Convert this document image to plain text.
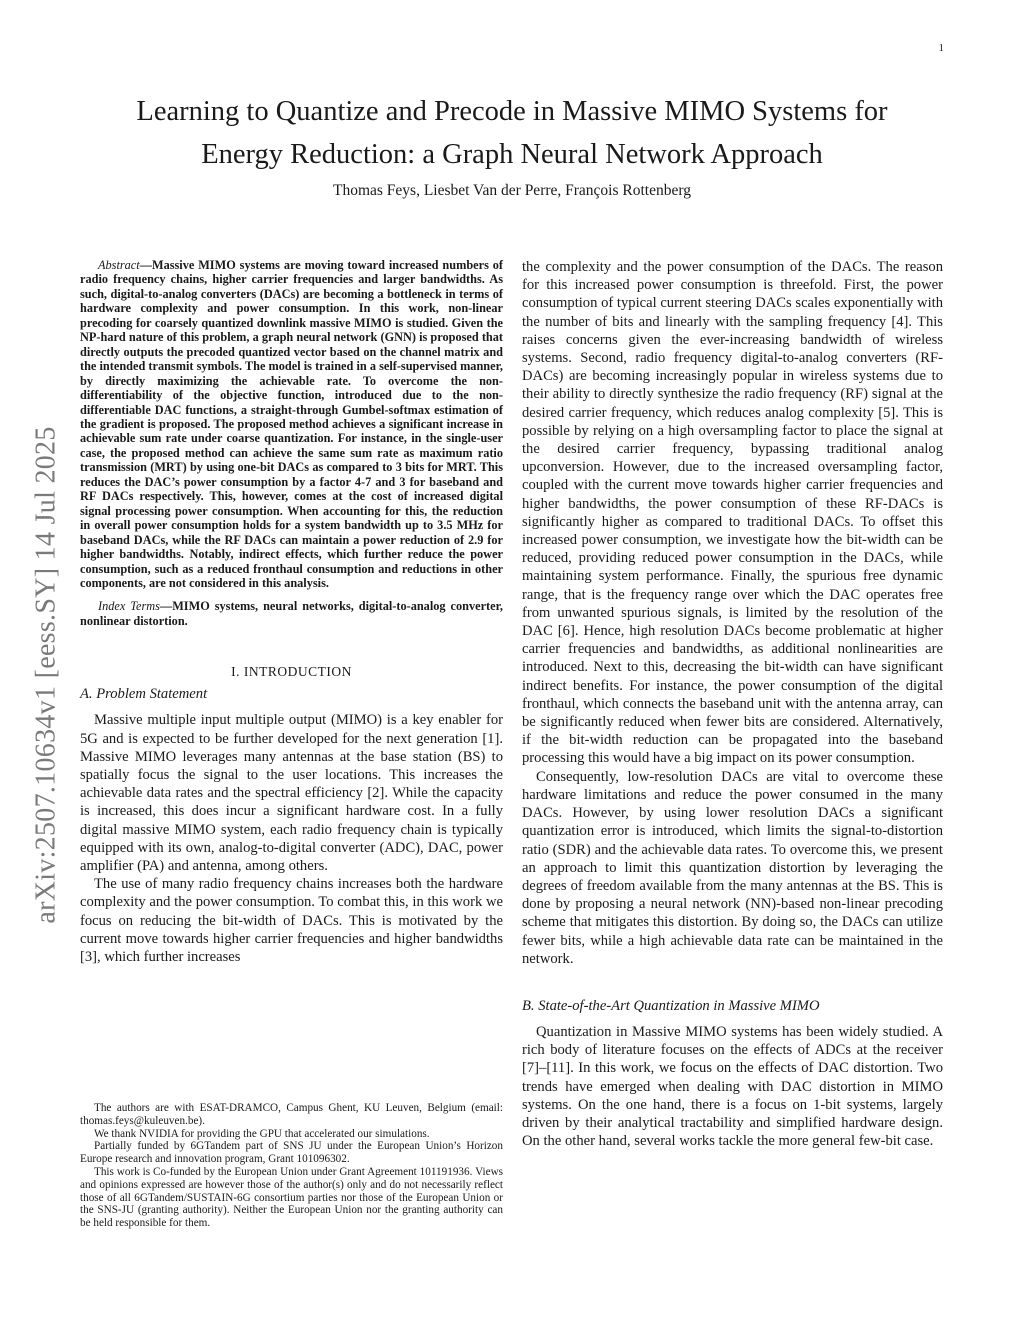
1
arXiv:2507.10634v1 [eess.SY] 14 Jul 2025
Learning to Quantize and Precode in Massive MIMO Systems for
Energy Reduction: a Graph Neural Network Approach
Thomas Feys, Liesbet Van der Perre, François Rottenberg

Abstract—Massive MIMO systems are moving toward increased numbers of radio frequency chains, higher carrier frequencies and larger bandwidths. As such, digital-to-analog converters (DACs) are becoming a bottleneck in terms of hardware complexity and power consumption. In this work, non-linear precoding for coarsely quantized downlink massive MIMO is studied. Given the NP-hard nature of this problem, a graph neural network (GNN) is proposed that directly outputs the precoded quantized vector based on the channel matrix and the intended transmit symbols. The model is trained in a self-supervised manner, by directly maximizing the achievable rate. To overcome the non-differentiability of the objective function, introduced due to the non-differentiable DAC functions, a straight-through Gumbel-softmax estimation of the gradient is proposed. The proposed method achieves a significant increase in achievable sum rate under coarse quantization. For instance, in the single-user case, the proposed method can achieve the same sum rate as maximum ratio transmission (MRT) by using one-bit DACs as compared to 3 bits for MRT. This reduces the DAC’s power consumption by a factor 4-7 and 3 for baseband and RF DACs respectively. This, however, comes at the cost of increased digital signal processing power consumption. When accounting for this, the reduction in overall power consumption holds for a system bandwidth up to 3.5 MHz for baseband DACs, while the RF DACs can maintain a power reduction of 2.9 for higher bandwidths. Notably, indirect effects, which further reduce the power consumption, such as a reduced fronthaul consumption and reductions in other components, are not considered in this analysis.

Index Terms—MIMO systems, neural networks, digital-to-analog converter, nonlinear distortion.

I. INTRODUCTION
A. Problem Statement

Massive multiple input multiple output (MIMO) is a key enabler for 5G and is expected to be further developed for the next generation [1]. Massive MIMO leverages many antennas at the base station (BS) to spatially focus the signal to the user locations. This increases the achievable data rates and the spectral efficiency [2]. While the capacity is increased, this does incur a significant hardware cost. In a fully digital massive MIMO system, each radio frequency chain is typically equipped with its own, analog-to-digital converter (ADC), DAC, power amplifier (PA) and antenna, among others.

The use of many radio frequency chains increases both the hardware complexity and the power consumption. To combat this, in this work we focus on reducing the bit-width of DACs. This is motivated by the current move towards higher carrier frequencies and higher bandwidths [3], which further increases

the complexity and the power consumption of the DACs. The reason for this increased power consumption is threefold. First, the power consumption of typical current steering DACs scales exponentially with the number of bits and linearly with the sampling frequency [4]. This raises concerns given the ever-increasing bandwidth of wireless systems. Second, radio frequency digital-to-analog converters (RF-DACs) are becoming increasingly popular in wireless systems due to their ability to directly synthesize the radio frequency (RF) signal at the desired carrier frequency, which reduces analog complexity [5]. This is possible by relying on a high oversampling factor to place the signal at the desired carrier frequency, bypassing traditional analog upconversion. However, due to the increased oversampling factor, coupled with the current move towards higher carrier frequencies and higher bandwidths, the power consumption of these RF-DACs is significantly higher as compared to traditional DACs. To offset this increased power consumption, we investigate how the bit-width can be reduced, providing reduced power consumption in the DACs, while maintaining system performance. Finally, the spurious free dynamic range, that is the frequency range over which the DAC operates free from unwanted spurious signals, is limited by the resolution of the DAC [6]. Hence, high resolution DACs become problematic at higher carrier frequencies and bandwidths, as additional nonlinearities are introduced. Next to this, decreasing the bit-width can have significant indirect benefits. For instance, the power consumption of the digital fronthaul, which connects the baseband unit with the antenna array, can be significantly reduced when fewer bits are considered. Alternatively, if the bit-width reduction can be propagated into the baseband processing this would have a big impact on its power consumption.

Consequently, low-resolution DACs are vital to overcome these hardware limitations and reduce the power consumed in the many DACs. However, by using lower resolution DACs a significant quantization error is introduced, which limits the signal-to-distortion ratio (SDR) and the achievable data rates. To overcome this, we present an approach to limit this quantization distortion by leveraging the degrees of freedom available from the many antennas at the BS. This is done by proposing a neural network (NN)-based non-linear precoding scheme that mitigates this distortion. By doing so, the DACs can utilize fewer bits, while a high achievable data rate can be maintained in the network.

B. State-of-the-Art Quantization in Massive MIMO

Quantization in Massive MIMO systems has been widely studied. A rich body of literature focuses on the effects of ADCs at the receiver [7]–[11]. In this work, we focus on the effects of DAC distortion. Two trends have emerged when dealing with DAC distortion in MIMO systems. On the one hand, there is a focus on 1-bit systems, largely driven by their analytical tractability and simplified hardware design. On the other hand, several works tackle the more general few-bit case.

The authors are with ESAT-DRAMCO, Campus Ghent, KU Leuven, Belgium (email: thomas.feys@kuleuven.be).

We thank NVIDIA for providing the GPU that accelerated our simulations.

Partially funded by 6GTandem part of SNS JU under the European Union’s Horizon Europe research and innovation program, Grant 101096302.

This work is Co-funded by the European Union under Grant Agreement 101191936. Views and opinions expressed are however those of the author(s) only and do not necessarily reflect those of all 6GTandem/SUSTAIN-6G consortium parties nor those of the European Union or the SNS-JU (granting authority). Neither the European Union nor the granting authority can be held responsible for them.
